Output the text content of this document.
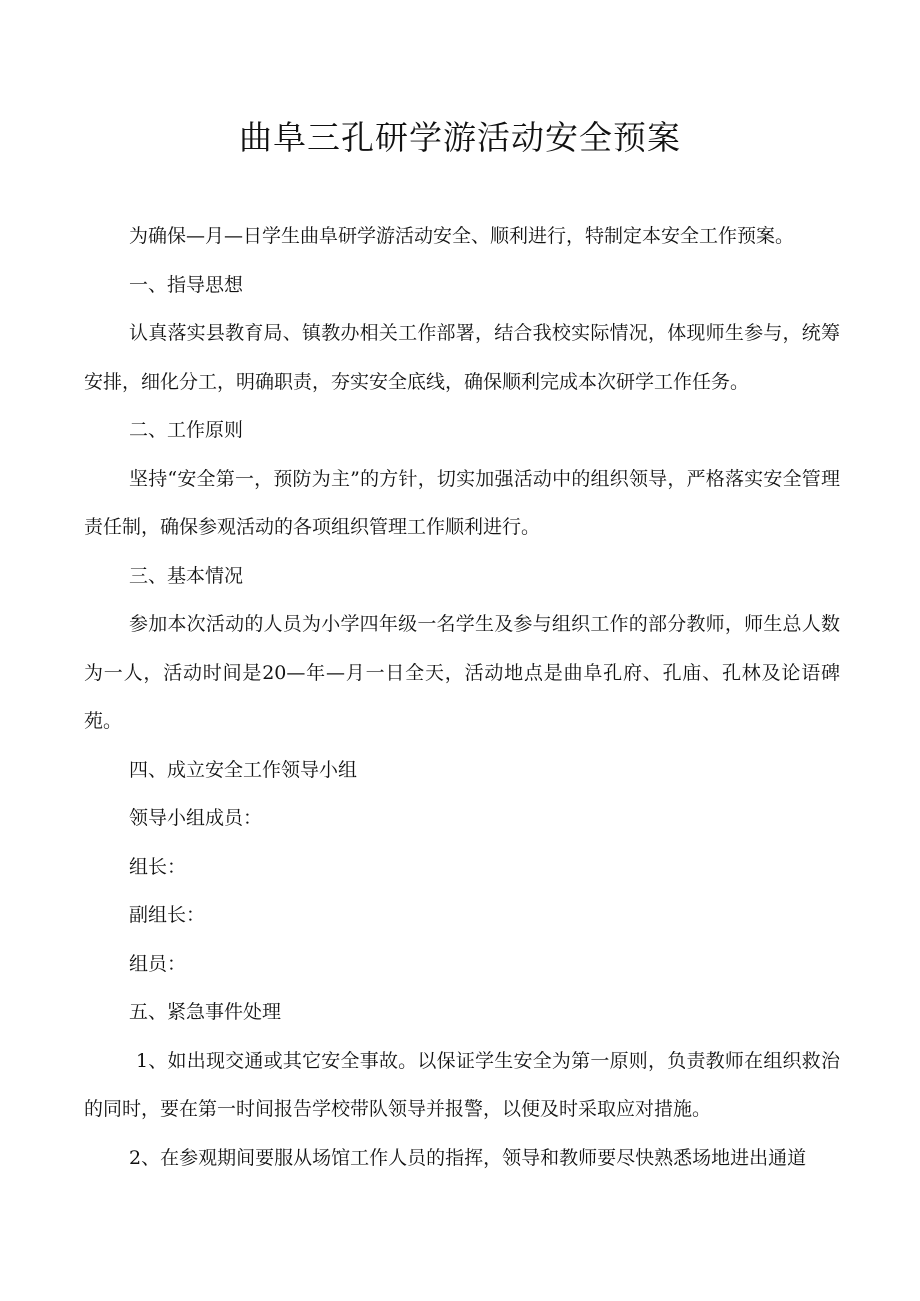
曲阜三孔研学游活动安全预案

为确保—月—日学生曲阜研学游活动安全、顺利进行，特制定本安全工作预案。

一、指导思想

认真落实县教育局、镇教办相关工作部署，结合我校实际情况，体现师生参与，统筹安排，细化分工，明确职责，夯实安全底线，确保顺利完成本次研学工作任务。

二、工作原则

坚持“安全第一，预防为主”的方针，切实加强活动中的组织领导，严格落实安全管理责任制，确保参观活动的各项组织管理工作顺利进行。

三、基本情况

参加本次活动的人员为小学四年级一名学生及参与组织工作的部分教师，师生总人数为一人，活动时间是20—年—月一日全天，活动地点是曲阜孔府、孔庙、孔林及论语碑苑。

四、成立安全工作领导小组

领导小组成员：

组长：

副组长：

组员：

五、紧急事件处理

1、如出现交通或其它安全事故。以保证学生安全为第一原则，负责教师在组织救治的同时，要在第一时间报告学校带队领导并报警，以便及时采取应对措施。

2、在参观期间要服从场馆工作人员的指挥，领导和教师要尽快熟悉场地进出通道
